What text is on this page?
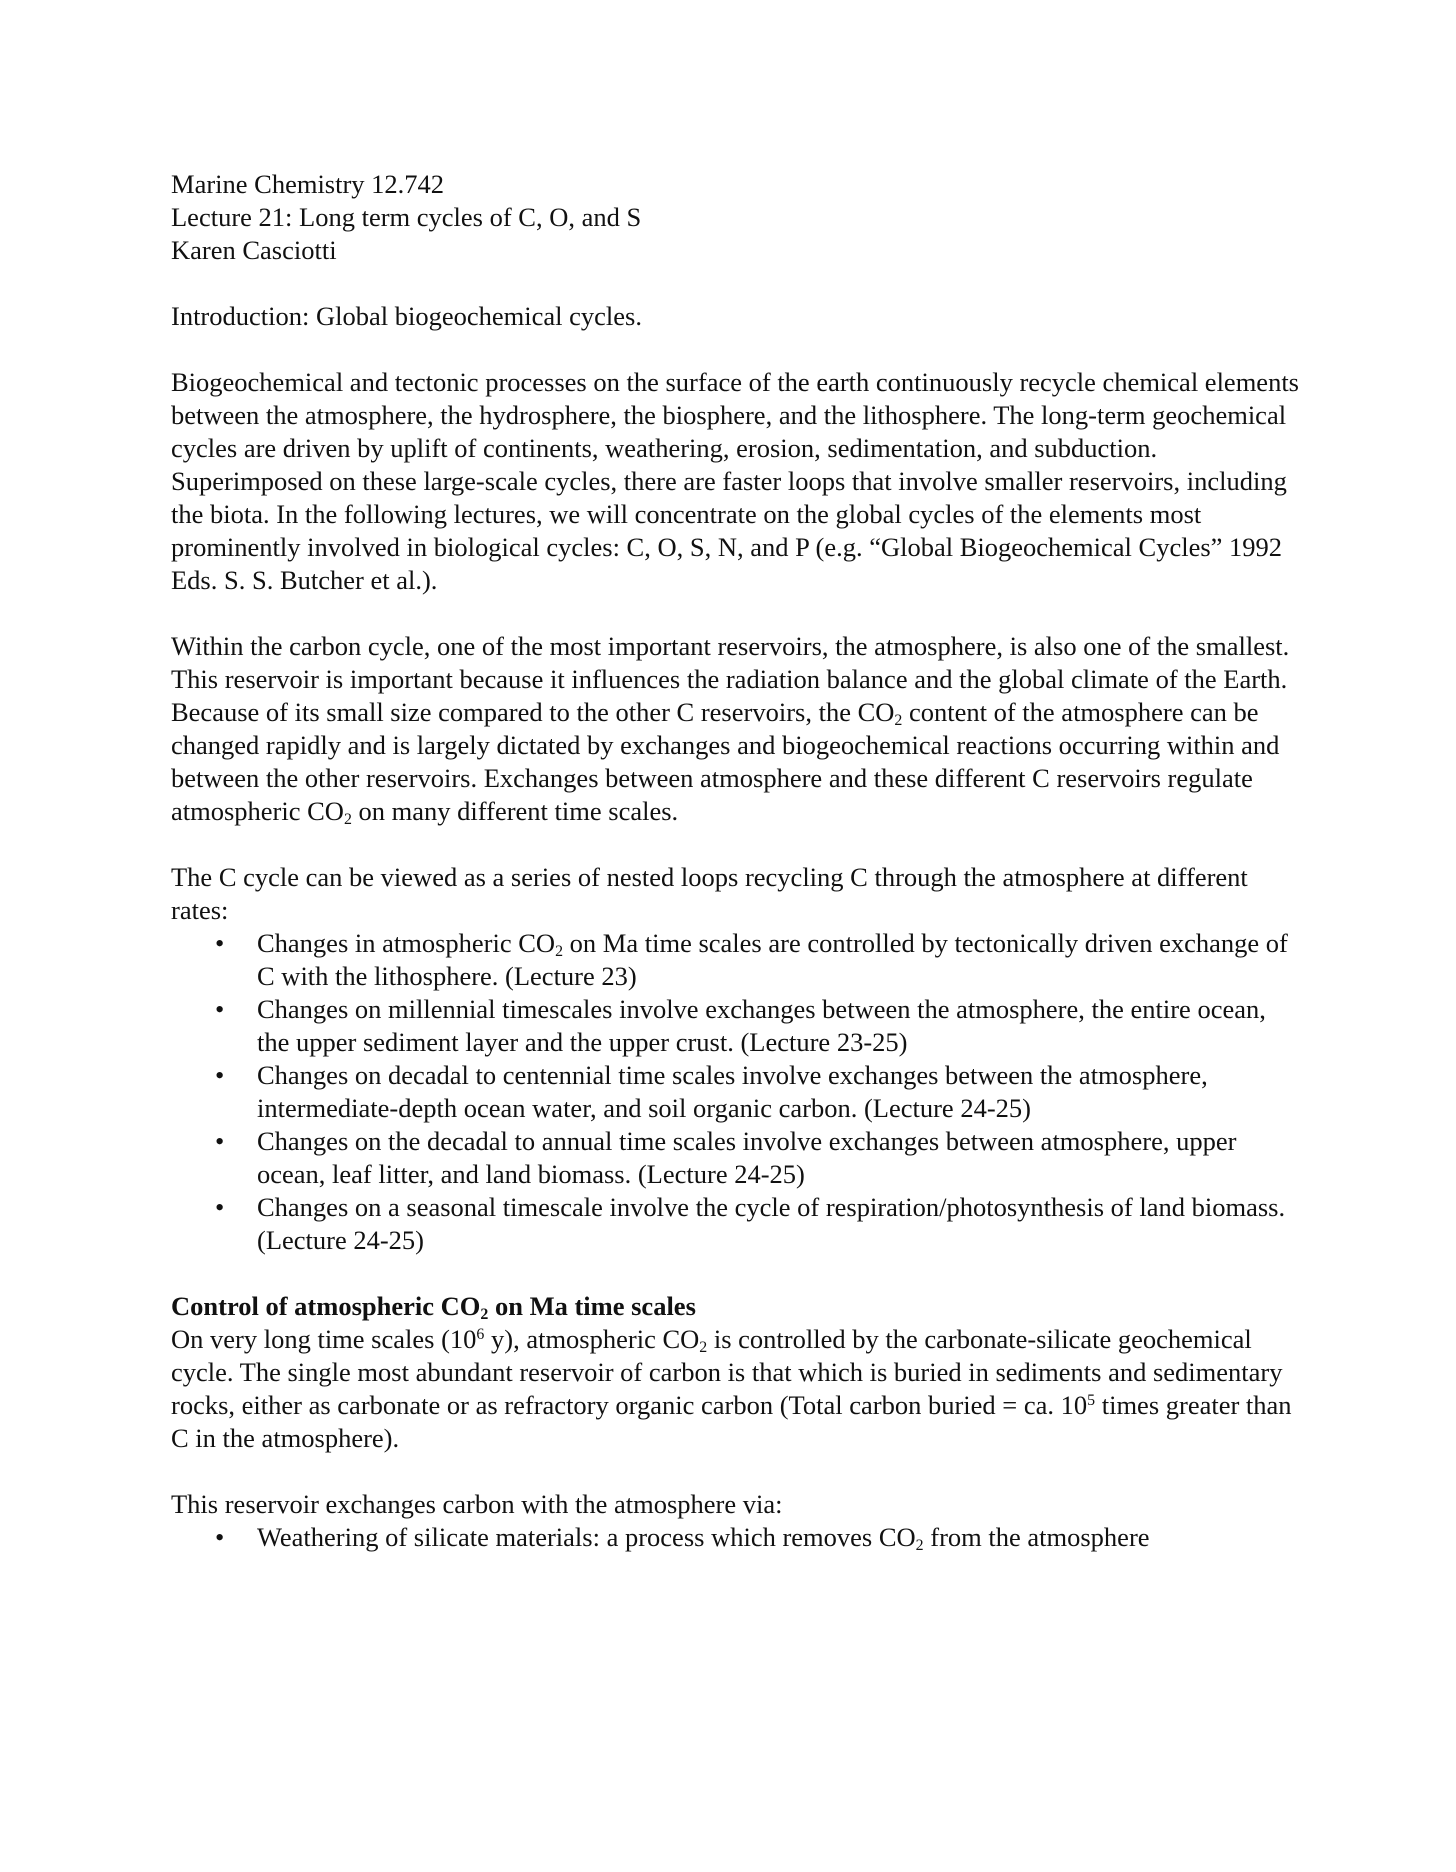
Marine Chemistry 12.742

Lecture 21: Long term cycles of C, O, and S

Karen Casciotti

Introduction: Global biogeochemical cycles.

Biogeochemical and tectonic processes on the surface of the earth continuously recycle chemical elements between the atmosphere, the hydrosphere, the biosphere, and the lithosphere. The long-term geochemical cycles are driven by uplift of continents, weathering, erosion, sedimentation, and subduction. Superimposed on these large-scale cycles, there are faster loops that involve smaller reservoirs, including the biota. In the following lectures, we will concentrate on the global cycles of the elements most prominently involved in biological cycles: C, O, S, N, and P (e.g. “Global Biogeochemical Cycles” 1992 Eds. S. S. Butcher et al.).

Within the carbon cycle, one of the most important reservoirs, the atmosphere, is also one of the smallest. This reservoir is important because it influences the radiation balance and the global climate of the Earth. Because of its small size compared to the other C reservoirs, the $CO_2$ content of the atmosphere can be changed rapidly and is largely dictated by exchanges and biogeochemical reactions occurring within and between the other reservoirs. Exchanges between atmosphere and these different C reservoirs regulate atmospheric $CO_2$ on many different time scales.

The C cycle can be viewed as a series of nested loops recycling C through the atmosphere at different rates:

• Changes in atmospheric $CO_2$ on Ma time scales are controlled by tectonically driven exchange of C with the lithosphere. (Lecture 23)
• Changes on millennial timescales involve exchanges between the atmosphere, the entire ocean, the upper sediment layer and the upper crust. (Lecture 23-25)
• Changes on decadal to centennial time scales involve exchanges between the atmosphere, intermediate-depth ocean water, and soil organic carbon. (Lecture 24-25)
• Changes on the decadal to annual time scales involve exchanges between atmosphere, upper ocean, leaf litter, and land biomass. (Lecture 24-25)
• Changes on a seasonal timescale involve the cycle of respiration/photosynthesis of land biomass. (Lecture 24-25)

Control of atmospheric $CO_2$ on Ma time scales

On very long time scales ($10^6$ y), atmospheric $CO_2$ is controlled by the carbonate-silicate geochemical cycle. The single most abundant reservoir of carbon is that which is buried in sediments and sedimentary rocks, either as carbonate or as refractory organic carbon (Total carbon buried = ca. $10^5$ times greater than C in the atmosphere).

This reservoir exchanges carbon with the atmosphere via:

• Weathering of silicate materials: a process which removes $CO_2$ from the atmosphere
